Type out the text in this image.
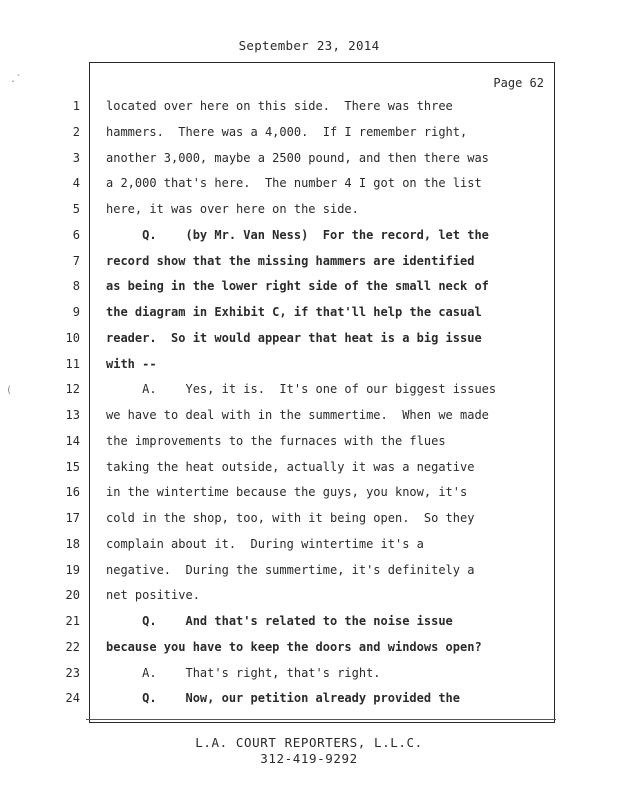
September 23, 2014
Page 62
1 located over here on this side.  There was three
2 hammers.  There was a 4,000.  If I remember right,
3 another 3,000, maybe a 2500 pound, and then there was
4 a 2,000 that's here.  The number 4 I got on the list
5 here, it was over here on the side.
6 Q.    (by Mr. Van Ness)  For the record, let the
7 record show that the missing hammers are identified
8 as being in the lower right side of the small neck of
9 the diagram in Exhibit C, if that'll help the casual
10 reader.  So it would appear that heat is a big issue
11 with --
12 A.    Yes, it is.  It's one of our biggest issues
13 we have to deal with in the summertime.  When we made
14 the improvements to the furnaces with the flues
15 taking the heat outside, actually it was a negative
16 in the wintertime because the guys, you know, it's
17 cold in the shop, too, with it being open.  So they
18 complain about it.  During wintertime it's a
19 negative.  During the summertime, it's definitely a
20 net positive.
21 Q.    And that's related to the noise issue
22 because you have to keep the doors and windows open?
23 A.    That's right, that's right.
24 Q.    Now, our petition already provided the
L.A. COURT REPORTERS, L.L.C.
312-419-9292
.`
(
